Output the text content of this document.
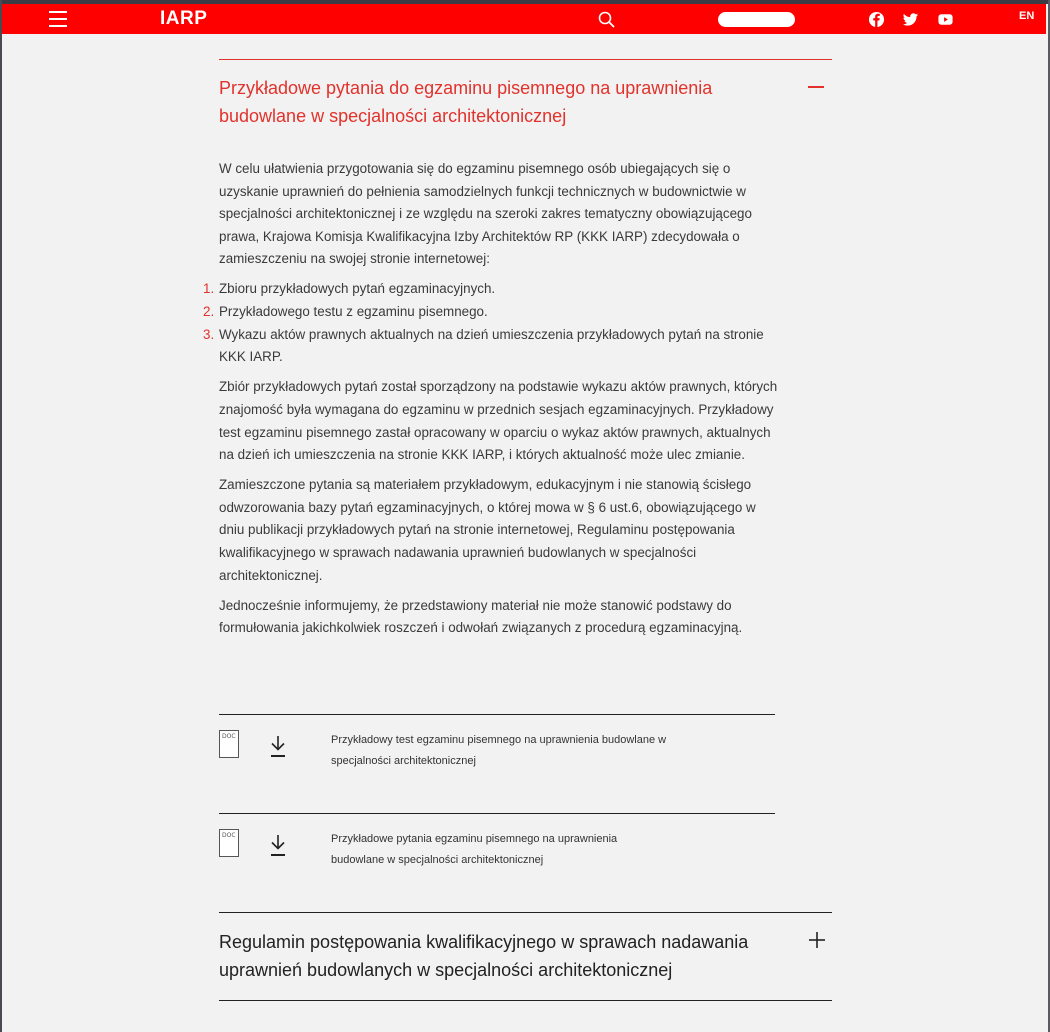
IARP	EN
Przykładowe pytania do egzaminu pisemnego na uprawnienia budowlane w specjalności architektonicznej

W celu ułatwienia przygotowania się do egzaminu pisemnego osób ubiegających się o uzyskanie uprawnień do pełnienia samodzielnych funkcji technicznych w budownictwie w specjalności architektonicznej i ze względu na szeroki zakres tematyczny obowiązującego prawa, Krajowa Komisja Kwalifikacyjna Izby Architektów RP (KKK IARP) zdecydowała o zamieszczeniu na swojej stronie internetowej:

1. Zbioru przykładowych pytań egzaminacyjnych.
2. Przykładowego testu z egzaminu pisemnego.
3. Wykazu aktów prawnych aktualnych na dzień umieszczenia przykładowych pytań na stronie KKK IARP.

Zbiór przykładowych pytań został sporządzony na podstawie wykazu aktów prawnych, których znajomość była wymagana do egzaminu w przednich sesjach egzaminacyjnych. Przykładowy test egzaminu pisemnego zastał opracowany w oparciu o wykaz aktów prawnych, aktualnych na dzień ich umieszczenia na stronie KKK IARP, i których aktualność może ulec zmianie.

Zamieszczone pytania są materiałem przykładowym, edukacyjnym i nie stanowią ścisłego odwzorowania bazy pytań egzaminacyjnych, o której mowa w § 6 ust.6, obowiązującego w dniu publikacji przykładowych pytań na stronie internetowej, Regulaminu postępowania kwalifikacyjnego w sprawach nadawania uprawnień budowlanych w specjalności architektonicznej.

Jednocześnie informujemy, że przedstawiony materiał nie może stanowić podstawy do formułowania jakichkolwiek roszczeń i odwołań związanych z procedurą egzaminacyjną.

DOC	Przykładowy test egzaminu pisemnego na uprawnienia budowlane w specjalności architektonicznej
DOC	Przykładowe pytania egzaminu pisemnego na uprawnienia budowlane w specjalności architektonicznej
Regulamin postępowania kwalifikacyjnego w sprawach nadawania uprawnień budowlanych w specjalności architektonicznej
